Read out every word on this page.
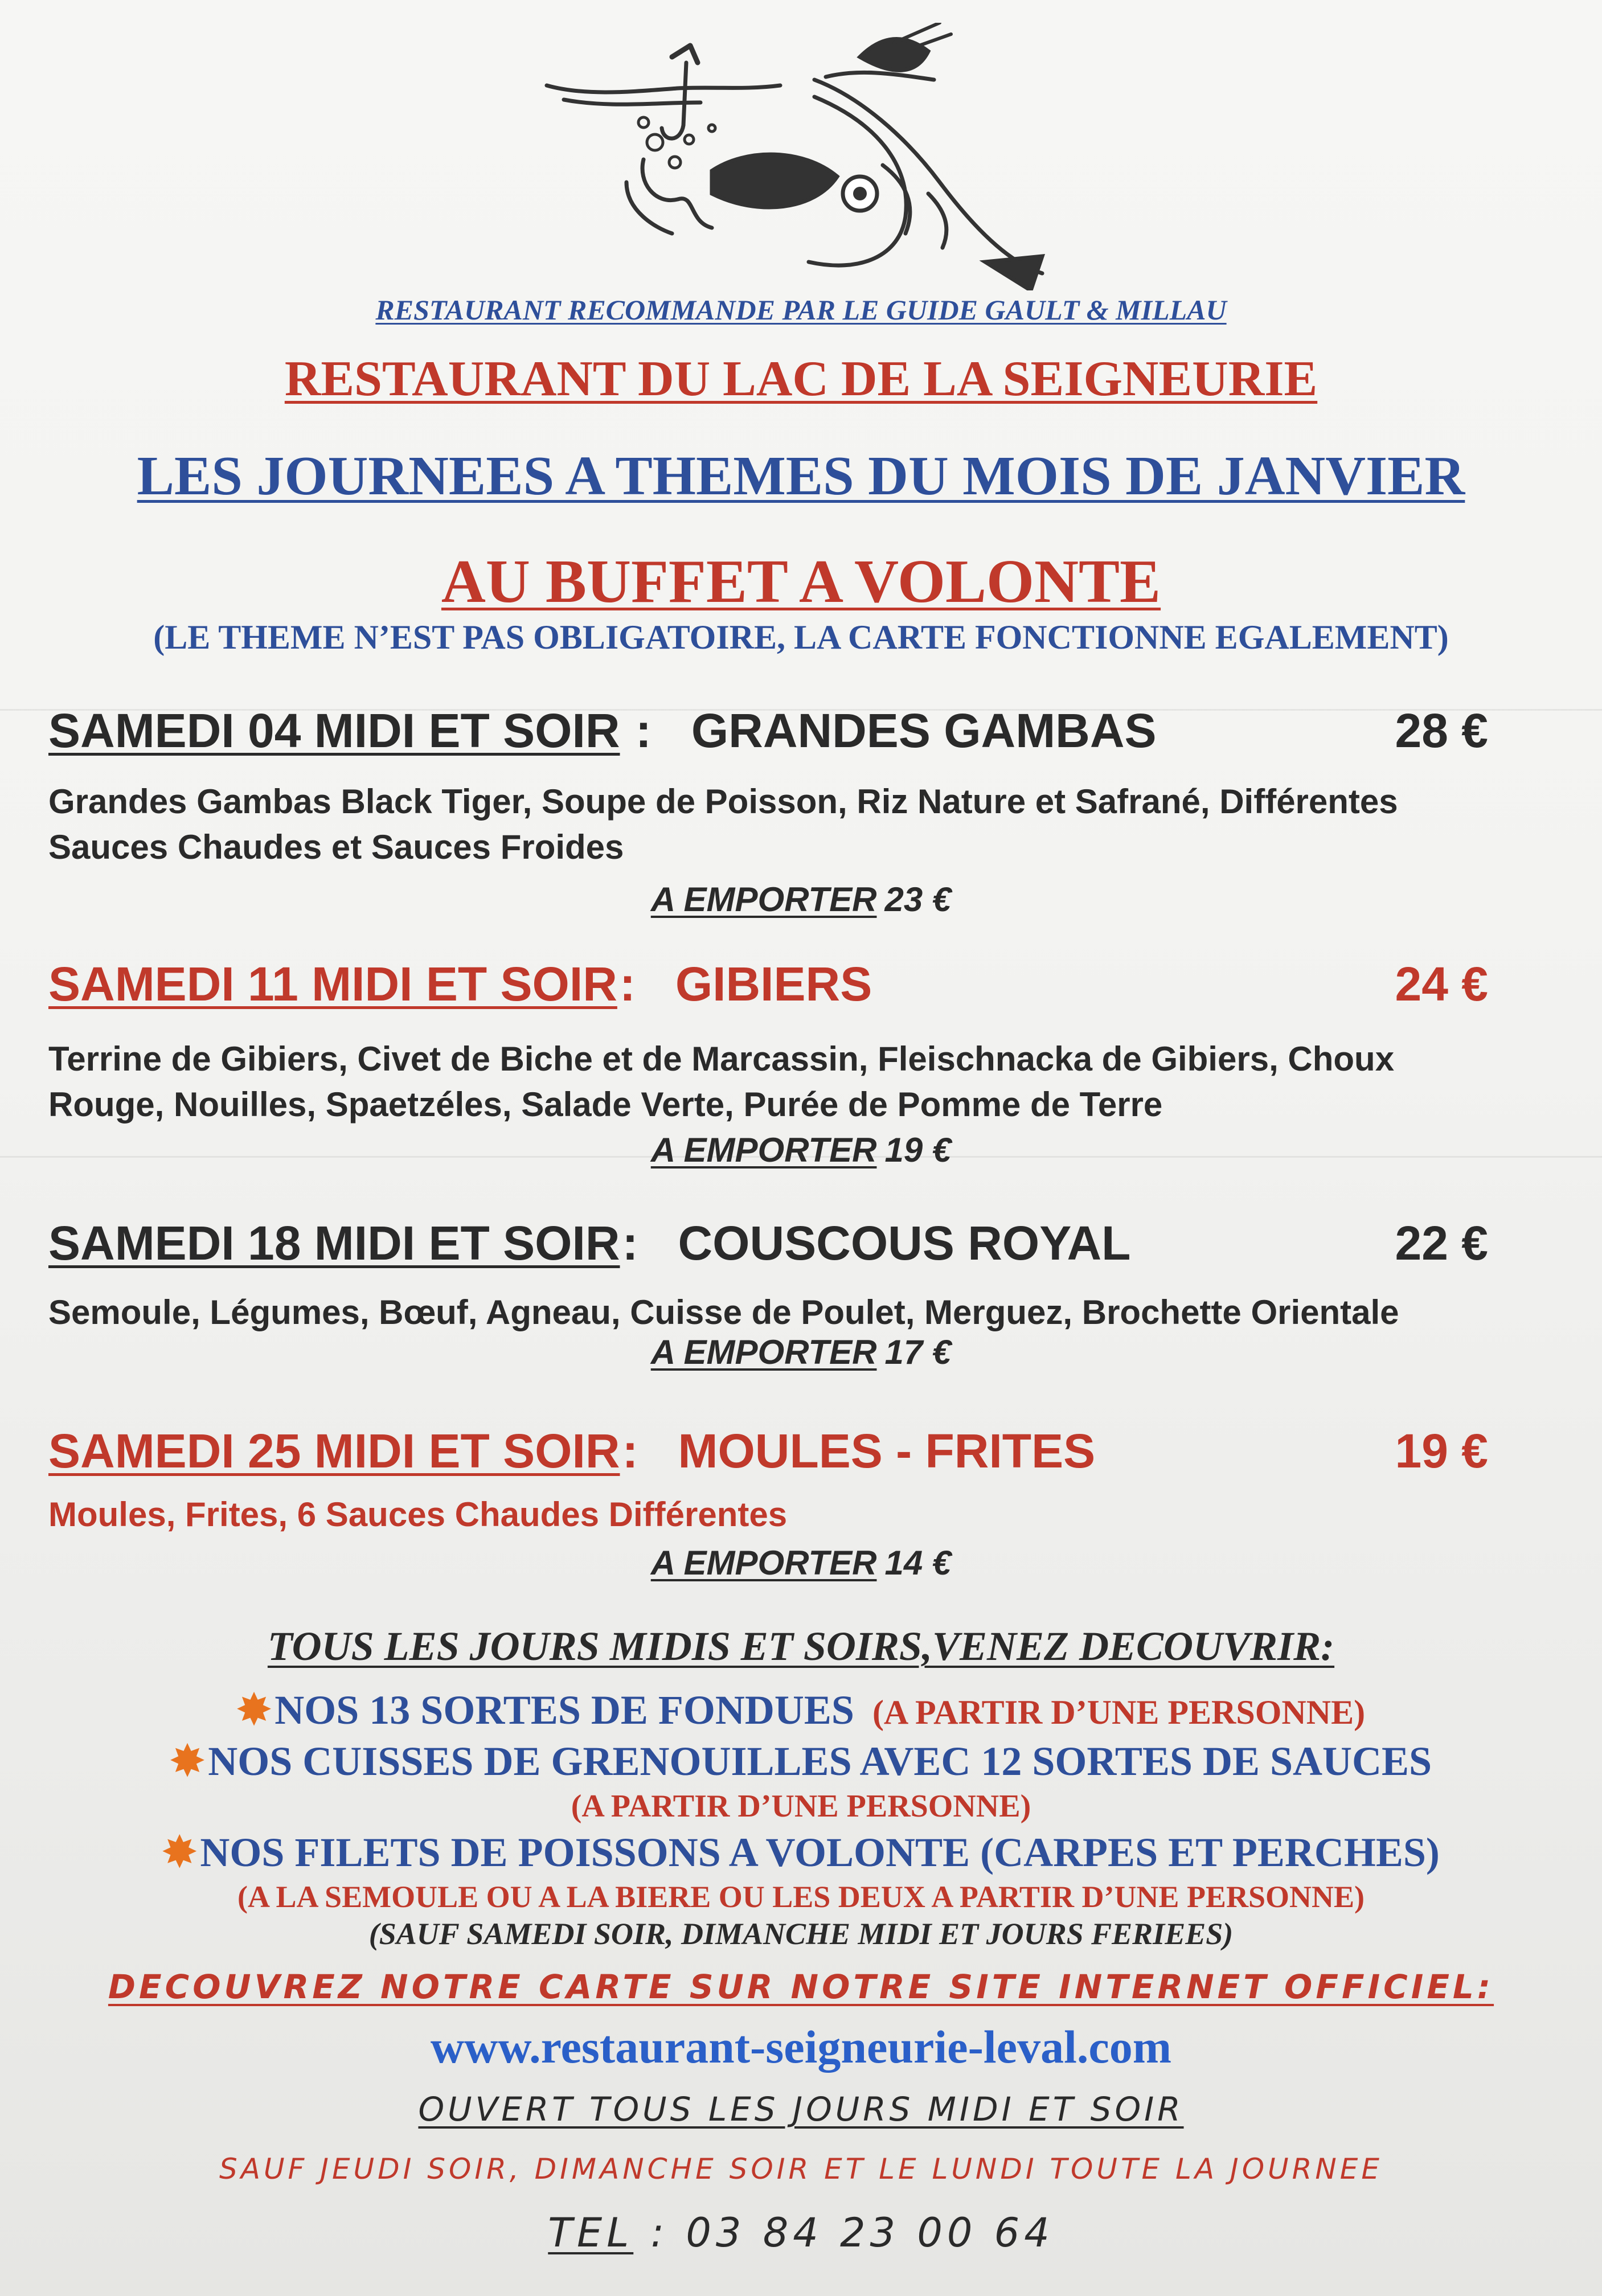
RESTAURANT RECOMMANDE PAR LE GUIDE GAULT & MILLAU
RESTAURANT DU LAC DE LA SEIGNEURIE
LES JOURNEES A THEMES DU MOIS DE JANVIER
AU BUFFET A VOLONTE
(LE THEME N’EST PAS OBLIGATOIRE, LA CARTE FONCTIONNE EGALEMENT)
SAMEDI 04 MIDI ET SOIR : GRANDES GAMBAS	28 €
Grandes Gambas Black Tiger, Soupe de Poisson, Riz Nature et Safrané, Différentes Sauces Chaudes et Sauces Froides
A EMPORTER 23 €
SAMEDI 11 MIDI ET SOIR: GIBIERS	24 €
Terrine de Gibiers, Civet de Biche et de Marcassin, Fleischnacka de Gibiers, Choux Rouge, Nouilles, Spaetzéles, Salade Verte, Purée de Pomme de Terre
A EMPORTER 19 €
SAMEDI 18 MIDI ET SOIR: COUSCOUS ROYAL	22 €
Semoule, Légumes, Bœuf, Agneau, Cuisse de Poulet, Merguez, Brochette Orientale
A EMPORTER 17 €
SAMEDI 25 MIDI ET SOIR: MOULES - FRITES	19 €
Moules, Frites, 6 Sauces Chaudes Différentes
A EMPORTER 14 €
TOUS LES JOURS MIDIS ET SOIRS,VENEZ DECOUVRIR:
✸NOS 13 SORTES DE FONDUES (A PARTIR D’UNE PERSONNE)
✸NOS CUISSES DE GRENOUILLES AVEC 12 SORTES DE SAUCES
(A PARTIR D’UNE PERSONNE)
✸NOS FILETS DE POISSONS A VOLONTE (CARPES ET PERCHES)
(A LA SEMOULE OU A LA BIERE OU LES DEUX A PARTIR D’UNE PERSONNE)
(SAUF SAMEDI SOIR, DIMANCHE MIDI ET JOURS FERIEES)
DECOUVREZ NOTRE CARTE SUR NOTRE SITE INTERNET OFFICIEL:
www.restaurant-seigneurie-leval.com
OUVERT TOUS LES JOURS MIDI ET SOIR
SAUF JEUDI SOIR, DIMANCHE SOIR ET LE LUNDI TOUTE LA JOURNEE
TEL : 03 84 23 00 64
